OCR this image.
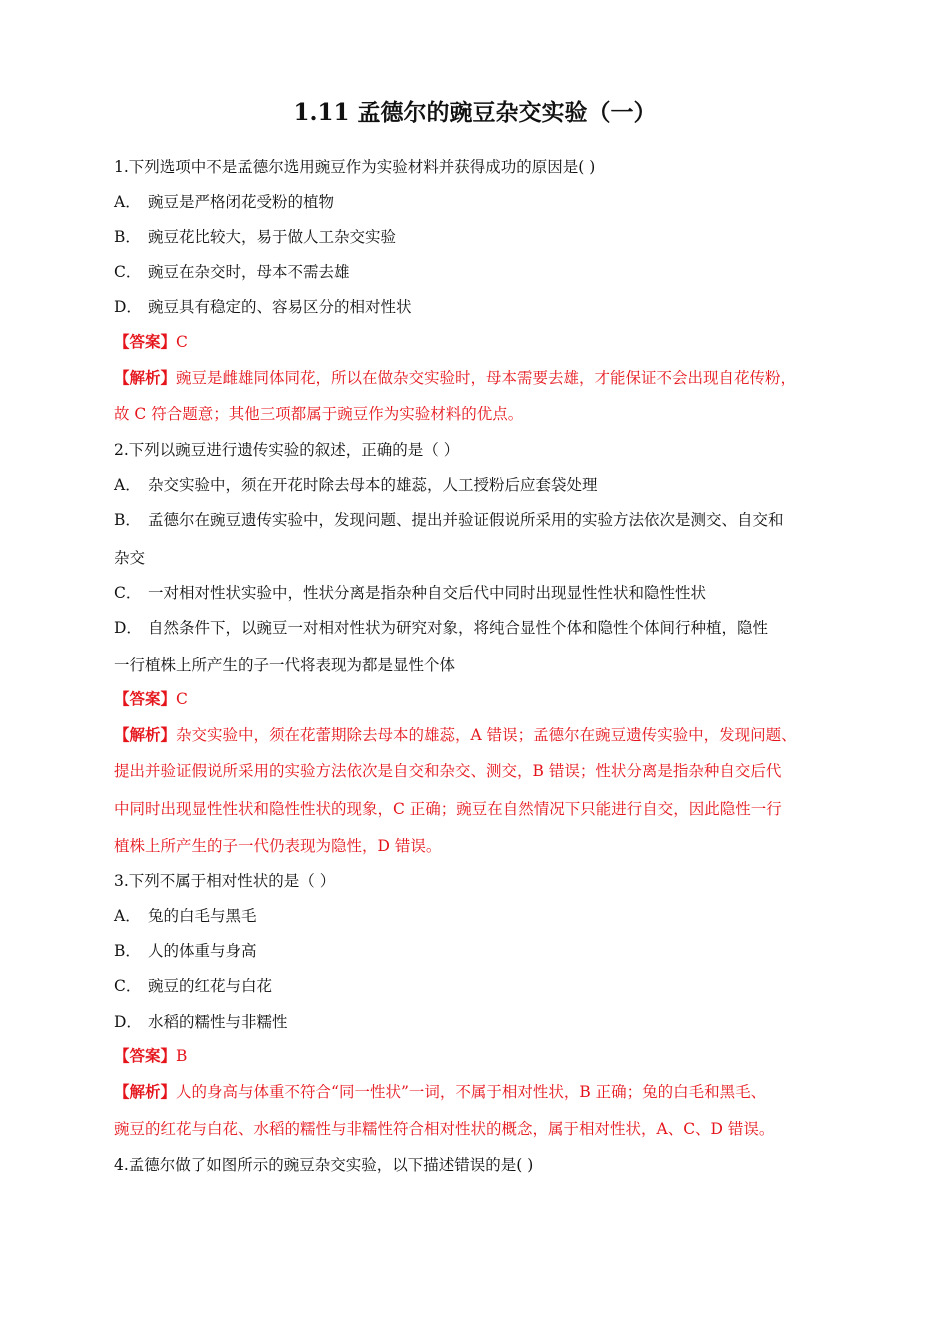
1.11 孟德尔的豌豆杂交实验（一）
1.下列选项中不是孟德尔选用豌豆作为实验材料并获得成功的原因是( )
A． 豌豆是严格闭花受粉的植物
B． 豌豆花比较大，易于做人工杂交实验
C． 豌豆在杂交时，母本不需去雄
D． 豌豆具有稳定的、容易区分的相对性状
【答案】C
【解析】豌豆是雌雄同体同花，所以在做杂交实验时，母本需要去雄，才能保证不会出现自花传粉，
故 C 符合题意；其他三项都属于豌豆作为实验材料的优点。
2.下列以豌豆进行遗传实验的叙述，正确的是（ ）
A． 杂交实验中，须在开花时除去母本的雄蕊，人工授粉后应套袋处理
B． 孟德尔在豌豆遗传实验中，发现问题、提出并验证假说所采用的实验方法依次是测交、自交和
杂交
C． 一对相对性状实验中，性状分离是指杂种自交后代中同时出现显性性状和隐性性状
D． 自然条件下，以豌豆一对相对性状为研究对象，将纯合显性个体和隐性个体间行种植，隐性
一行植株上所产生的子一代将表现为都是显性个体
【答案】C
【解析】杂交实验中，须在花蕾期除去母本的雄蕊，A 错误；孟德尔在豌豆遗传实验中，发现问题、
提出并验证假说所采用的实验方法依次是自交和杂交、测交，B 错误；性状分离是指杂种自交后代
中同时出现显性性状和隐性性状的现象，C 正确；豌豆在自然情况下只能进行自交，因此隐性一行
植株上所产生的子一代仍表现为隐性，D 错误。
3.下列不属于相对性状的是（ ）
A． 兔的白毛与黑毛
B． 人的体重与身高
C． 豌豆的红花与白花
D． 水稻的糯性与非糯性
【答案】B
【解析】人的身高与体重不符合“同一性状”一词，不属于相对性状，B 正确；兔的白毛和黑毛、
豌豆的红花与白花、水稻的糯性与非糯性符合相对性状的概念，属于相对性状，A、C、D 错误。
4.孟德尔做了如图所示的豌豆杂交实验，以下描述错误的是( )
